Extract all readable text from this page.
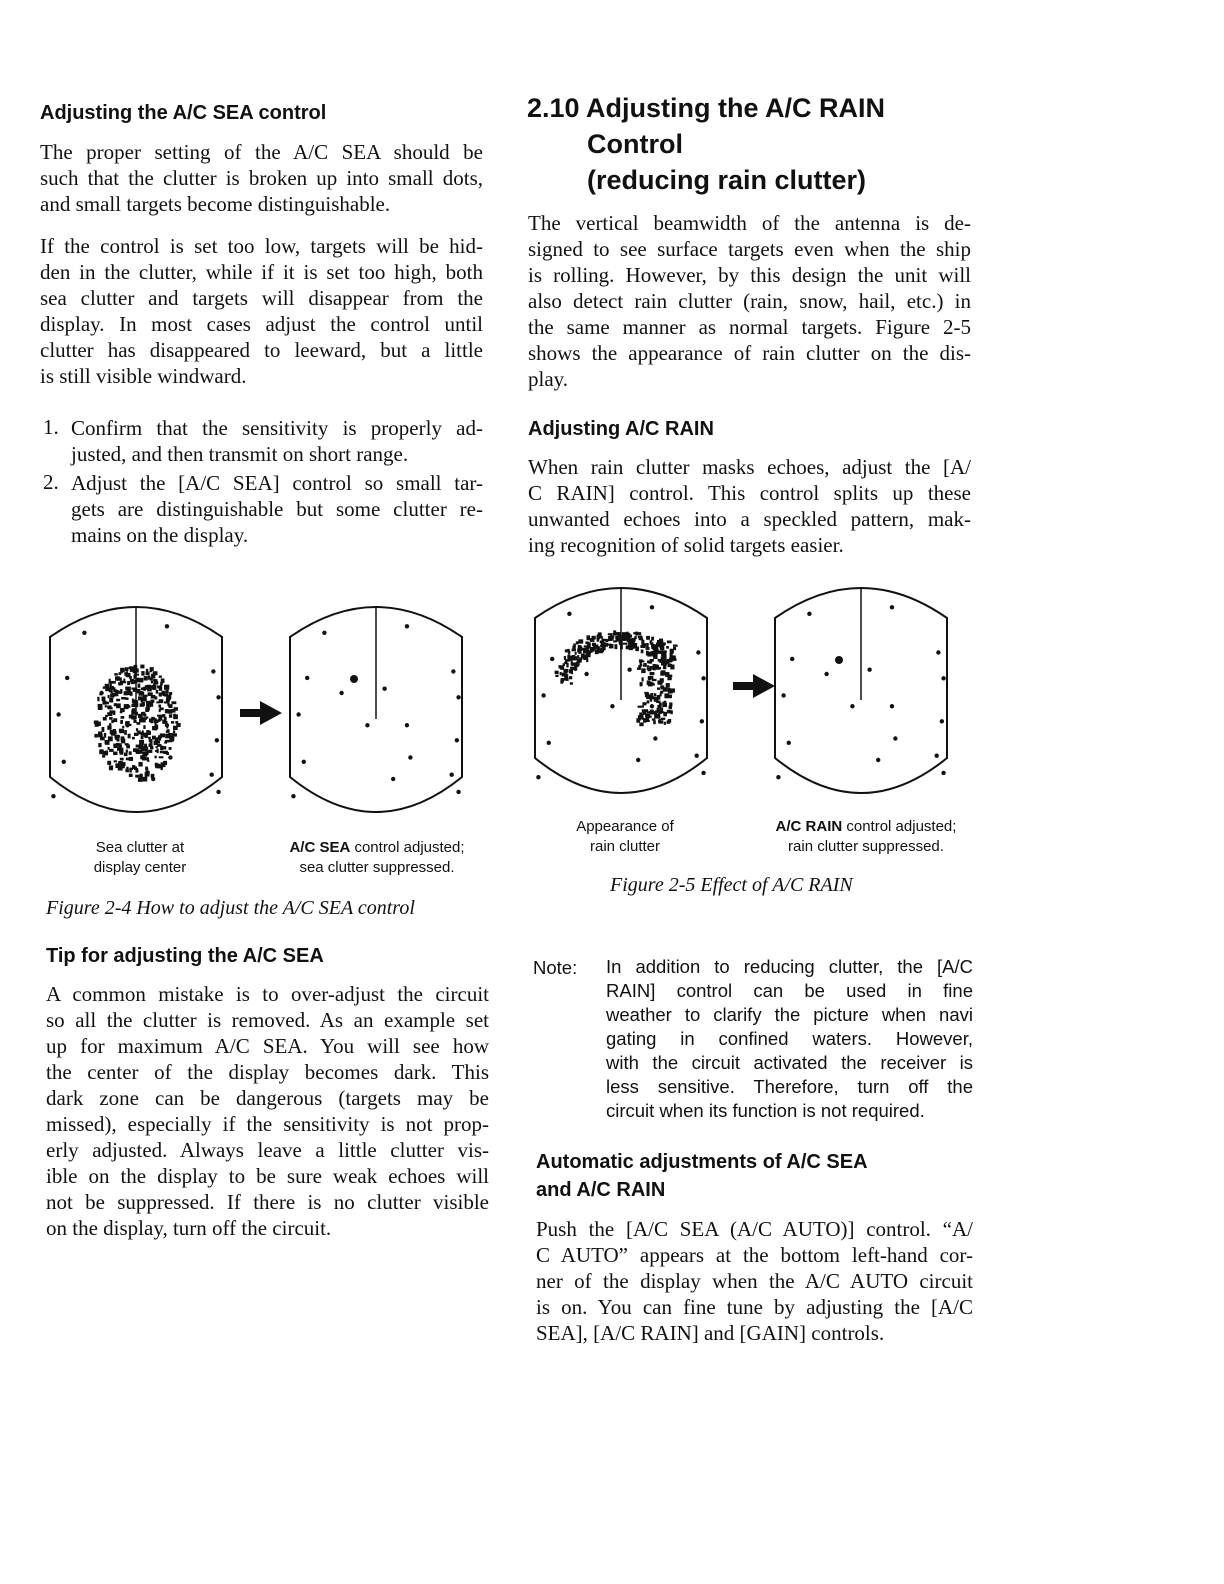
Adjusting the A/C SEA control
The proper setting of the A/C SEA should be
such that the clutter is broken up into small dots,
and small targets become distinguishable.
If the control is set too low, targets will be hid-
den in the clutter, while if it is set too high, both
sea clutter and targets will disappear from the
display. In most cases adjust the control until
clutter has disappeared to leeward, but a little
is still visible windward.
1. Confirm that the sensitivity is properly ad-
justed, and then transmit on short range.
2. Adjust the [A/C SEA] control so small tar-
gets are distinguishable but some clutter re-
mains on the display.
Sea clutter at
display center
A/C SEA control adjusted;
sea clutter suppressed.
Figure 2-4 How to adjust the A/C SEA control
Tip for adjusting the A/C SEA
A common mistake is to over-adjust the circuit
so all the clutter is removed. As an example set
up for maximum A/C SEA. You will see how
the center of the display becomes dark. This
dark zone can be dangerous (targets may be
missed), especially if the sensitivity is not prop-
erly adjusted. Always leave a little clutter vis-
ible on the display to be sure weak echoes will
not be suppressed. If there is no clutter visible
on the display, turn off the circuit.
2.10 Adjusting the A/C RAIN
Control
(reducing rain clutter)
The vertical beamwidth of the antenna is de-
signed to see surface targets even when the ship
is rolling. However, by this design the unit will
also detect rain clutter (rain, snow, hail, etc.) in
the same manner as normal targets. Figure 2-5
shows the appearance of rain clutter on the dis-
play.
Adjusting A/C RAIN
When rain clutter masks echoes, adjust the [A/
C RAIN] control. This control splits up these
unwanted echoes into a speckled pattern, mak-
ing recognition of solid targets easier.
Appearance of
rain clutter
A/C RAIN control adjusted;
rain clutter suppressed.
Figure 2-5 Effect of A/C RAIN
Note: In addition to reducing clutter, the [A/C
RAIN] control can be used in fine
weather to clarify the picture when navi
gating in confined waters. However,
with the circuit activated the receiver is
less sensitive. Therefore, turn off the
circuit when its function is not required.
Automatic adjustments of A/C SEA
and A/C RAIN
Push the [A/C SEA (A/C AUTO)] control. “A/
C AUTO” appears at the bottom left-hand cor-
ner of the display when the A/C AUTO circuit
is on. You can fine tune by adjusting the [A/C
SEA], [A/C RAIN] and [GAIN] controls.
